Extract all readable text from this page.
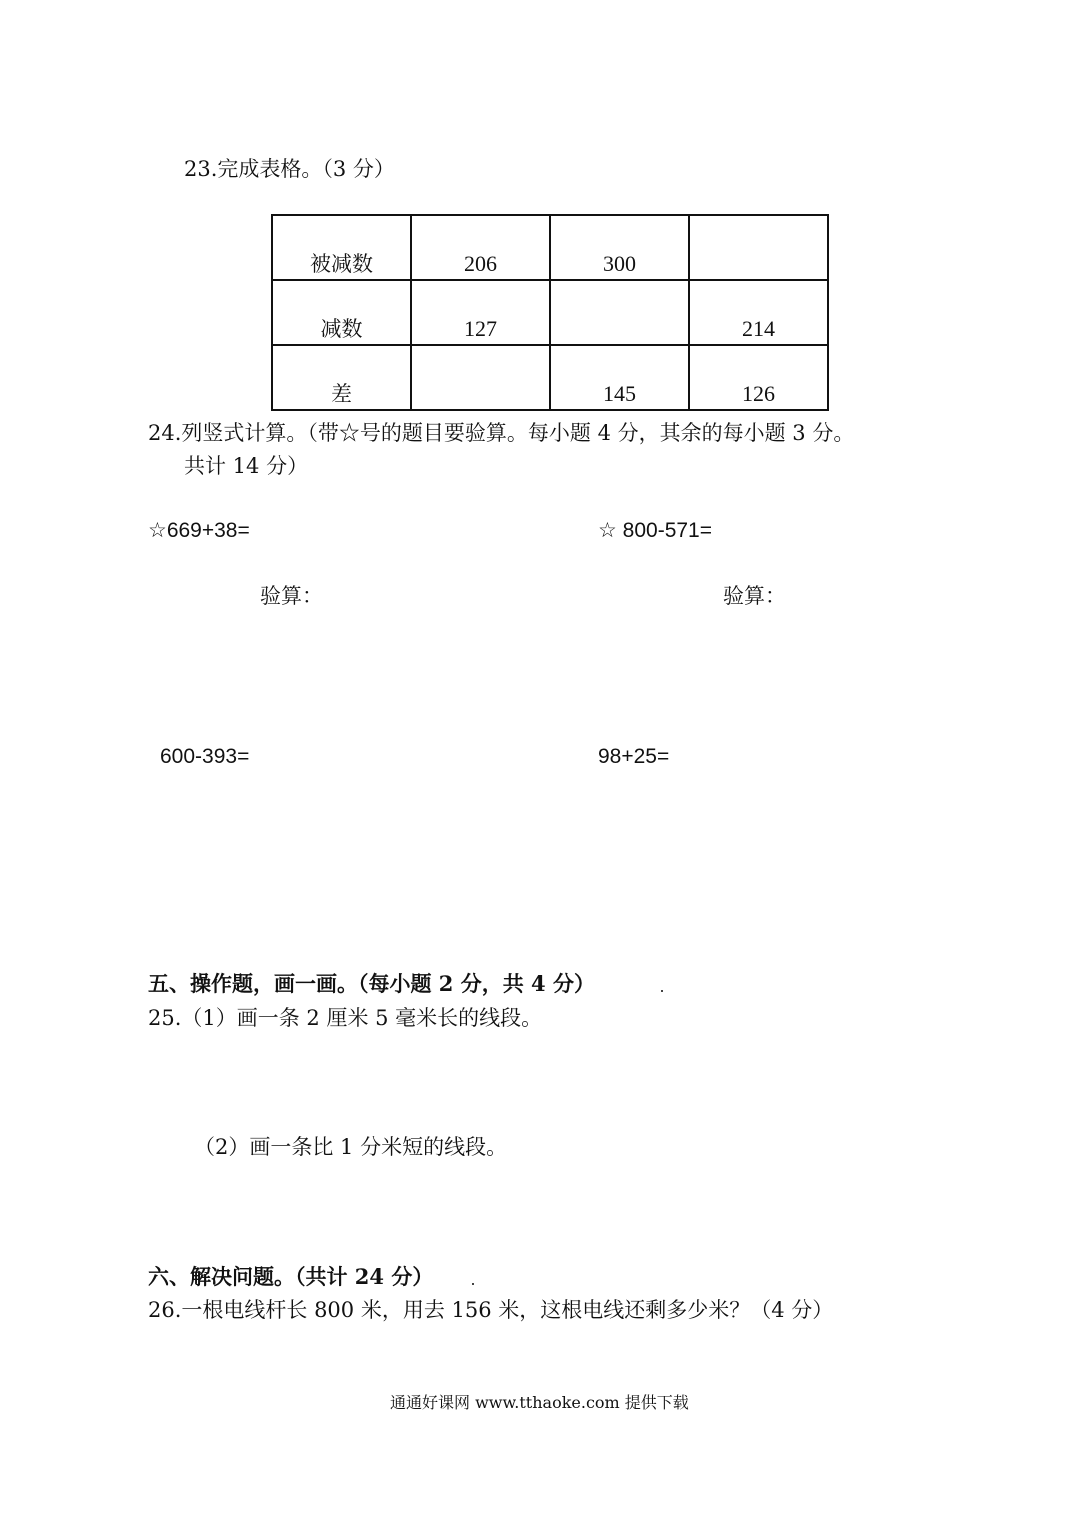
23.完成表格。（3 分）
被减数	206	300	
减数	127		214
差		145	126
24.列竖式计算。（带☆号的题目要验算。每小题 4 分，其余的每小题 3 分。
共计 14 分）
☆669+38=
验算：
☆ 800-571=
验算：
600-393=	98+25=
五、操作题，画一画。（每小题 2 分，共 4 分）
25.（1）画一条 2 厘米 5 毫米长的线段。
（2）画一条比 1 分米短的线段。
六、解决问题。（共计 24 分）
26.一根电线杆长 800 米，用去 156 米，这根电线还剩多少米？（4 分）
通通好课网 www.tthaoke.com 提供下载
